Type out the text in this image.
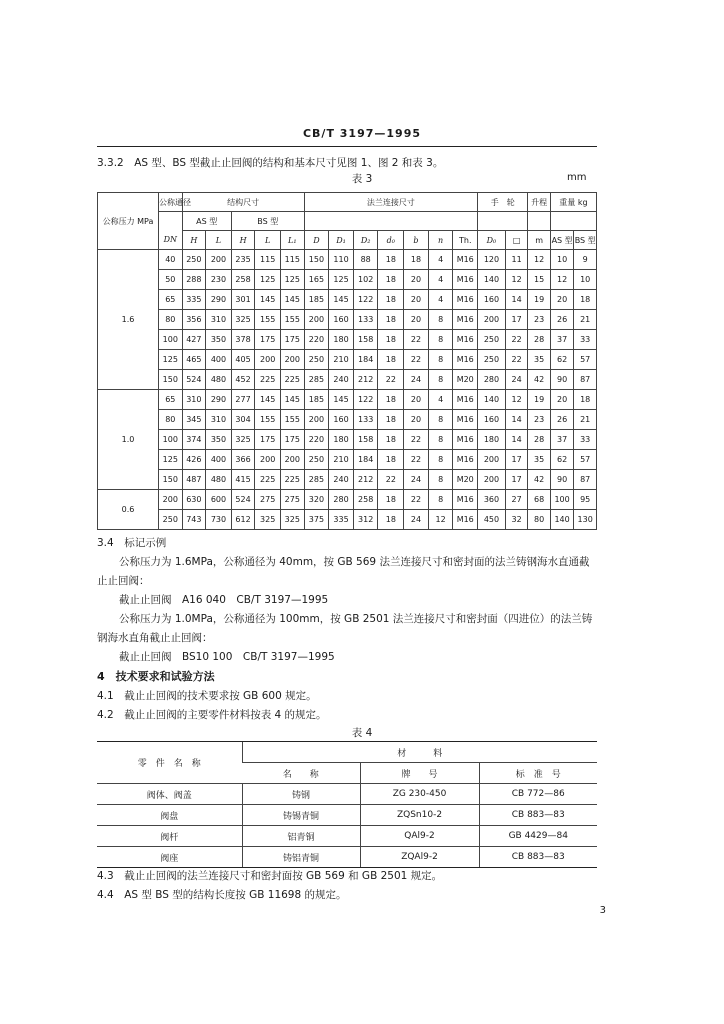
CB/T 3197—1995
3.3.2　AS 型、BS 型截止止回阀的结构和基本尺寸见图 1、图 2 和表 3。
表 3	mm
公称压力 MPa	公称通径	结构尺寸					法兰连接尺寸							手　轮		升程	重量 kg	
		AS 型		BS 型														
	DN	H	L	H	L	L₁	D	D₁	D₂	d₀	b	n	Th.	D₀	□	m	AS 型	BS 型
1.6	40	250	200	235	115	115	150	110	88	18	18	4	M16	120	11	12	10	9
	50	288	230	258	125	125	165	125	102	18	20	4	M16	140	12	15	12	10
	65	335	290	301	145	145	185	145	122	18	20	4	M16	160	14	19	20	18
	80	356	310	325	155	155	200	160	133	18	20	8	M16	200	17	23	26	21
	100	427	350	378	175	175	220	180	158	18	22	8	M16	250	22	28	37	33
	125	465	400	405	200	200	250	210	184	18	22	8	M16	250	22	35	62	57
	150	524	480	452	225	225	285	240	212	22	24	8	M20	280	24	42	90	87
1.0	65	310	290	277	145	145	185	145	122	18	20	4	M16	140	12	19	20	18
	80	345	310	304	155	155	200	160	133	18	20	8	M16	160	14	23	26	21
	100	374	350	325	175	175	220	180	158	18	22	8	M16	180	14	28	37	33
	125	426	400	366	200	200	250	210	184	18	22	8	M16	200	17	35	62	57
	150	487	480	415	225	225	285	240	212	22	24	8	M20	200	17	42	90	87
0.6	200	630	600	524	275	275	320	280	258	18	22	8	M16	360	27	68	100	95
	250	743	730	612	325	325	375	335	312	18	24	12	M16	450	32	80	140	130
3.4　标记示例
公称压力为 1.6MPa，公称通径为 40mm，按 GB 569 法兰连接尺寸和密封面的法兰铸钢海水直通截止止回阀：
截止止回阀　A16 040　CB/T 3197—1995
公称压力为 1.0MPa，公称通径为 100mm，按 GB 2501 法兰连接尺寸和密封面（四进位）的法兰铸钢海水直角截止止回阀：
截止止回阀　BS10 100　CB/T 3197—1995
4　技术要求和试验方法
4.1　截止止回阀的技术要求按 GB 600 规定。
4.2　截止止回阀的主要零件材料按表 4 的规定。
表 4
零　件　名　称	材　　　料		
	名　　称	牌　　号	标　准　号
阀体、阀盖	铸钢	ZG 230-450	CB 772—86
阀盘	铸锡青铜	ZQSn10-2	CB 883—83
阀杆	铝青铜	QAl9-2	GB 4429—84
阀座	铸铝青铜	ZQAl9-2	CB 883—83
4.3　截止止回阀的法兰连接尺寸和密封面按 GB 569 和 GB 2501 规定。
4.4　AS 型 BS 型的结构长度按 GB 11698 的规定。
3
